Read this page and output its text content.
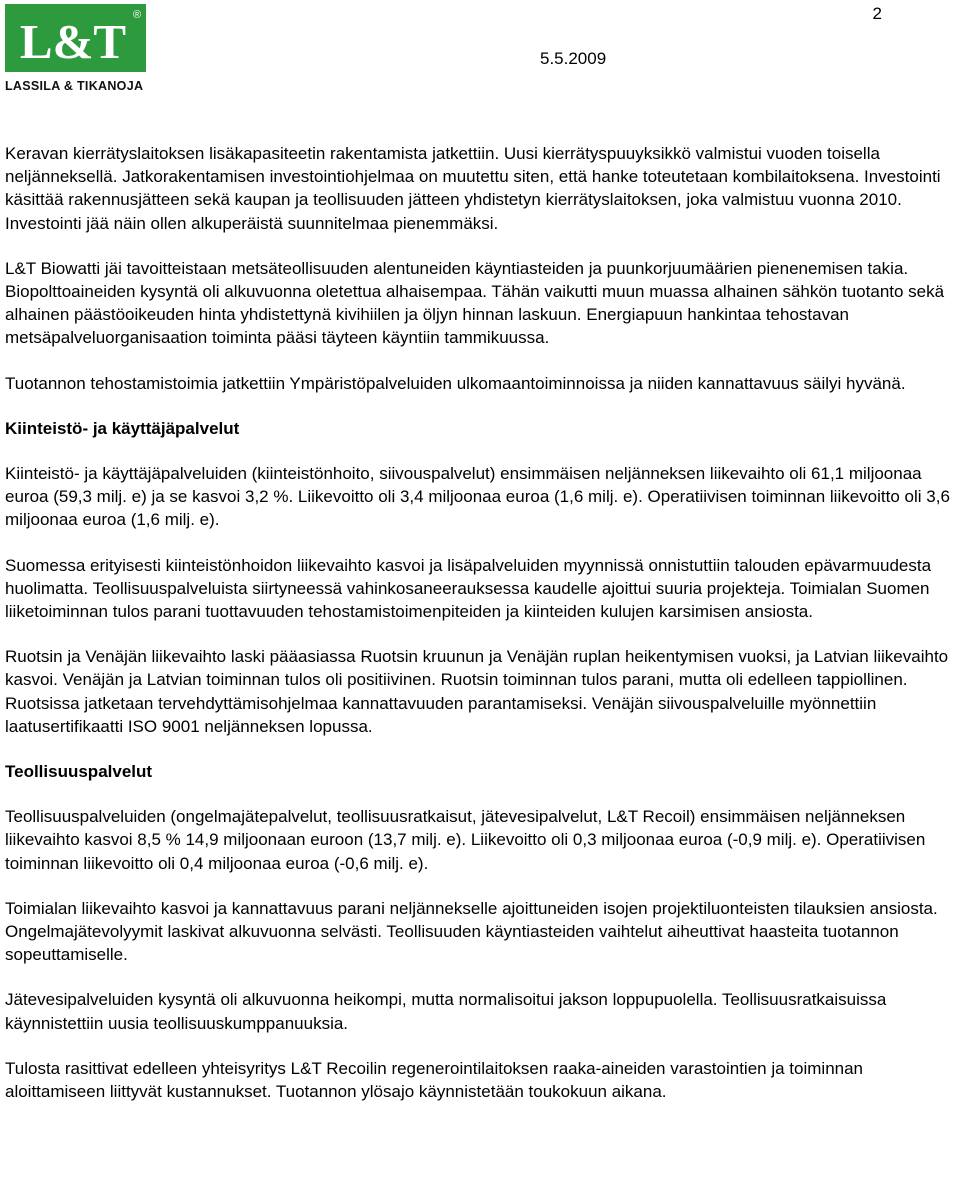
L&T ®
LASSILA & TIKANOJA
2
5.5.2009

Keravan kierrätyslaitoksen lisäkapasiteetin rakentamista jatkettiin. Uusi kierrätyspuuyksikkö valmistui vuoden toisella neljänneksellä. Jatkorakentamisen investointiohjelmaa on muutettu siten, että hanke toteutetaan kombilaitoksena. Investointi käsittää rakennusjätteen sekä kaupan ja teollisuuden jätteen yhdistetyn kierrätyslaitoksen, joka valmistuu vuonna 2010. Investointi jää näin ollen alkuperäistä suunnitelmaa pienemmäksi.

L&T Biowatti jäi tavoitteistaan metsäteollisuuden alentuneiden käyntiasteiden ja puunkorjuumäärien pienenemisen takia. Biopolttoaineiden kysyntä oli alkuvuonna oletettua alhaisempaa. Tähän vaikutti muun muassa alhainen sähkön tuotanto sekä alhainen päästöoikeuden hinta yhdistettynä kivihiilen ja öljyn hinnan laskuun. Energiapuun hankintaa tehostavan metsäpalveluorganisaation toiminta pääsi täyteen käyntiin tammikuussa.

Tuotannon tehostamistoimia jatkettiin Ympäristöpalveluiden ulkomaantoiminnoissa ja niiden kannattavuus säilyi hyvänä.

Kiinteistö- ja käyttäjäpalvelut

Kiinteistö- ja käyttäjäpalveluiden (kiinteistönhoito, siivouspalvelut) ensimmäisen neljänneksen liikevaihto oli 61,1 miljoonaa euroa (59,3 milj. e) ja se kasvoi 3,2 %. Liikevoitto oli 3,4 miljoonaa euroa (1,6 milj. e). Operatiivisen toiminnan liikevoitto oli 3,6 miljoonaa euroa (1,6 milj. e).

Suomessa erityisesti kiinteistönhoidon liikevaihto kasvoi ja lisäpalveluiden myynnissä onnistuttiin talouden epävarmuudesta huolimatta. Teollisuuspalveluista siirtyneessä vahinkosaneerauksessa kaudelle ajoittui suuria projekteja. Toimialan Suomen liiketoiminnan tulos parani tuottavuuden tehostamistoimenpiteiden ja kiinteiden kulujen karsimisen ansiosta.

Ruotsin ja Venäjän liikevaihto laski pääasiassa Ruotsin kruunun ja Venäjän ruplan heikentymisen vuoksi, ja Latvian liikevaihto kasvoi. Venäjän ja Latvian toiminnan tulos oli positiivinen. Ruotsin toiminnan tulos parani, mutta oli edelleen tappiollinen. Ruotsissa jatketaan tervehdyttämisohjelmaa kannattavuuden parantamiseksi. Venäjän siivouspalveluille myönnettiin laatusertifikaatti ISO 9001 neljänneksen lopussa.

Teollisuuspalvelut

Teollisuuspalveluiden (ongelmajätepalvelut, teollisuusratkaisut, jätevesipalvelut, L&T Recoil) ensimmäisen neljänneksen liikevaihto kasvoi 8,5 % 14,9 miljoonaan euroon (13,7 milj. e). Liikevoitto oli 0,3 miljoonaa euroa (-0,9 milj. e). Operatiivisen toiminnan liikevoitto oli 0,4 miljoonaa euroa (-0,6 milj. e).

Toimialan liikevaihto kasvoi ja kannattavuus parani neljännekselle ajoittuneiden isojen projektiluonteisten tilauksien ansiosta. Ongelmajätevolyymit laskivat alkuvuonna selvästi. Teollisuuden käyntiasteiden vaihtelut aiheuttivat haasteita tuotannon sopeuttamiselle.

Jätevesipalveluiden kysyntä oli alkuvuonna heikompi, mutta normalisoitui jakson loppupuolella. Teollisuusratkaisuissa käynnistettiin uusia teollisuuskumppanuuksia.

Tulosta rasittivat edelleen yhteisyritys L&T Recoilin regenerointilaitoksen raaka-aineiden varastointien ja toiminnan aloittamiseen liittyvät kustannukset. Tuotannon ylösajo käynnistetään toukokuun aikana.
